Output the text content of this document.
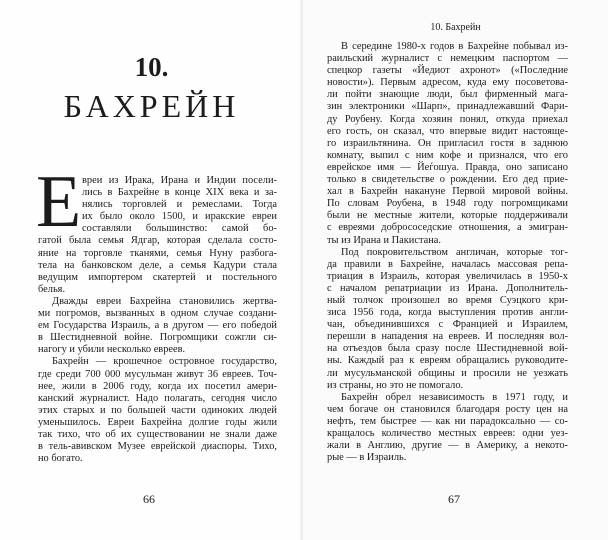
10.
БАХРЕЙН
Е вреи из Ирака, Ирана и Индии посели-
лись в Бахрейне в конце XIX века и за-
нялись торговлей и ремеслами. Тогда
их было около 1500, и иракские евреи
составляли большинство: самой бо-
гатой была семья Ядгар, которая сделала состо-
яние на торговле тканями, семья Нуну разбога-
тела на банковском деле, а семья Кадури стала
ведущим импортером скатертей и постельного
белья.
Дважды евреи Бахрейна становились жертва-
ми погромов, вызванных в одном случае создани-
ем Государства Израиль, а в другом — его победой
в Шестидневной войне. Погромщики сожгли си-
нагогу и убили несколько евреев.
Бахрейн — крошечное островное государство,
где среди 700 000 мусульман живут 36 евреев. Точ-
нее, жили в 2006 году, когда их посетил амери-
канский журналист. Надо полагать, сегодня число
этих старых и по большей части одиноких людей
уменьшилось. Евреи Бахрейна долгие годы жили
так тихо, что об их существовании не знали даже
в тель-авивском Музее еврейской диаспоры. Тихо,
но богато.
66
10. Бахрейн
В середине 1980-х годов в Бахрейне побывал из-
раильский журналист с немецким паспортом —
спецкор газеты «Йедиот ахронот» («Последние
новости»). Первым адресом, куда ему посоветова-
ли пойти знающие люди, был фирменный мага-
зин электроники «Шарп», принадлежавший Фари-
ду Роубену. Когда хозяин понял, откуда приехал
его гость, он сказал, что впервые видит настояще-
го израильтянина. Он пригласил гостя в заднюю
комнату, выпил с ним кофе и признался, что его
еврейское имя — Йеѓошуа. Правда, оно записано
только в свидетельстве о рождении. Его дед прие-
хал в Бахрейн накануне Первой мировой войны.
По словам Роубена, в 1948 году погромщиками
были не местные жители, которые поддерживали
с евреями добрососедские отношения, а эмигран-
ты из Ирана и Пакистана.
Под покровительством англичан, которые тог-
да правили в Бахрейне, началась массовая репа-
триация в Израиль, которая увеличилась в 1950-х
с началом репатриации из Ирана. Дополнитель-
ный толчок произошел во время Суэцкого кри-
зиса 1956 года, когда выступления против англи-
чан, объединившихся с Францией и Израилем,
перешли в нападения на евреев. И последняя вол-
на отъездов была сразу после Шестидневной вой-
ны. Каждый раз к евреям обращались руководите-
ли мусульманской общины и просили не уезжать
из страны, но это не помогало.
Бахрейн обрел независимость в 1971 году, и
чем богаче он становился благодаря росту цен на
нефть, тем быстрее — как ни парадоксально — со-
кращалось количество местных евреев: одни уез-
жали в Англию, другие — в Америку, а некото-
рые — в Израиль.
67
